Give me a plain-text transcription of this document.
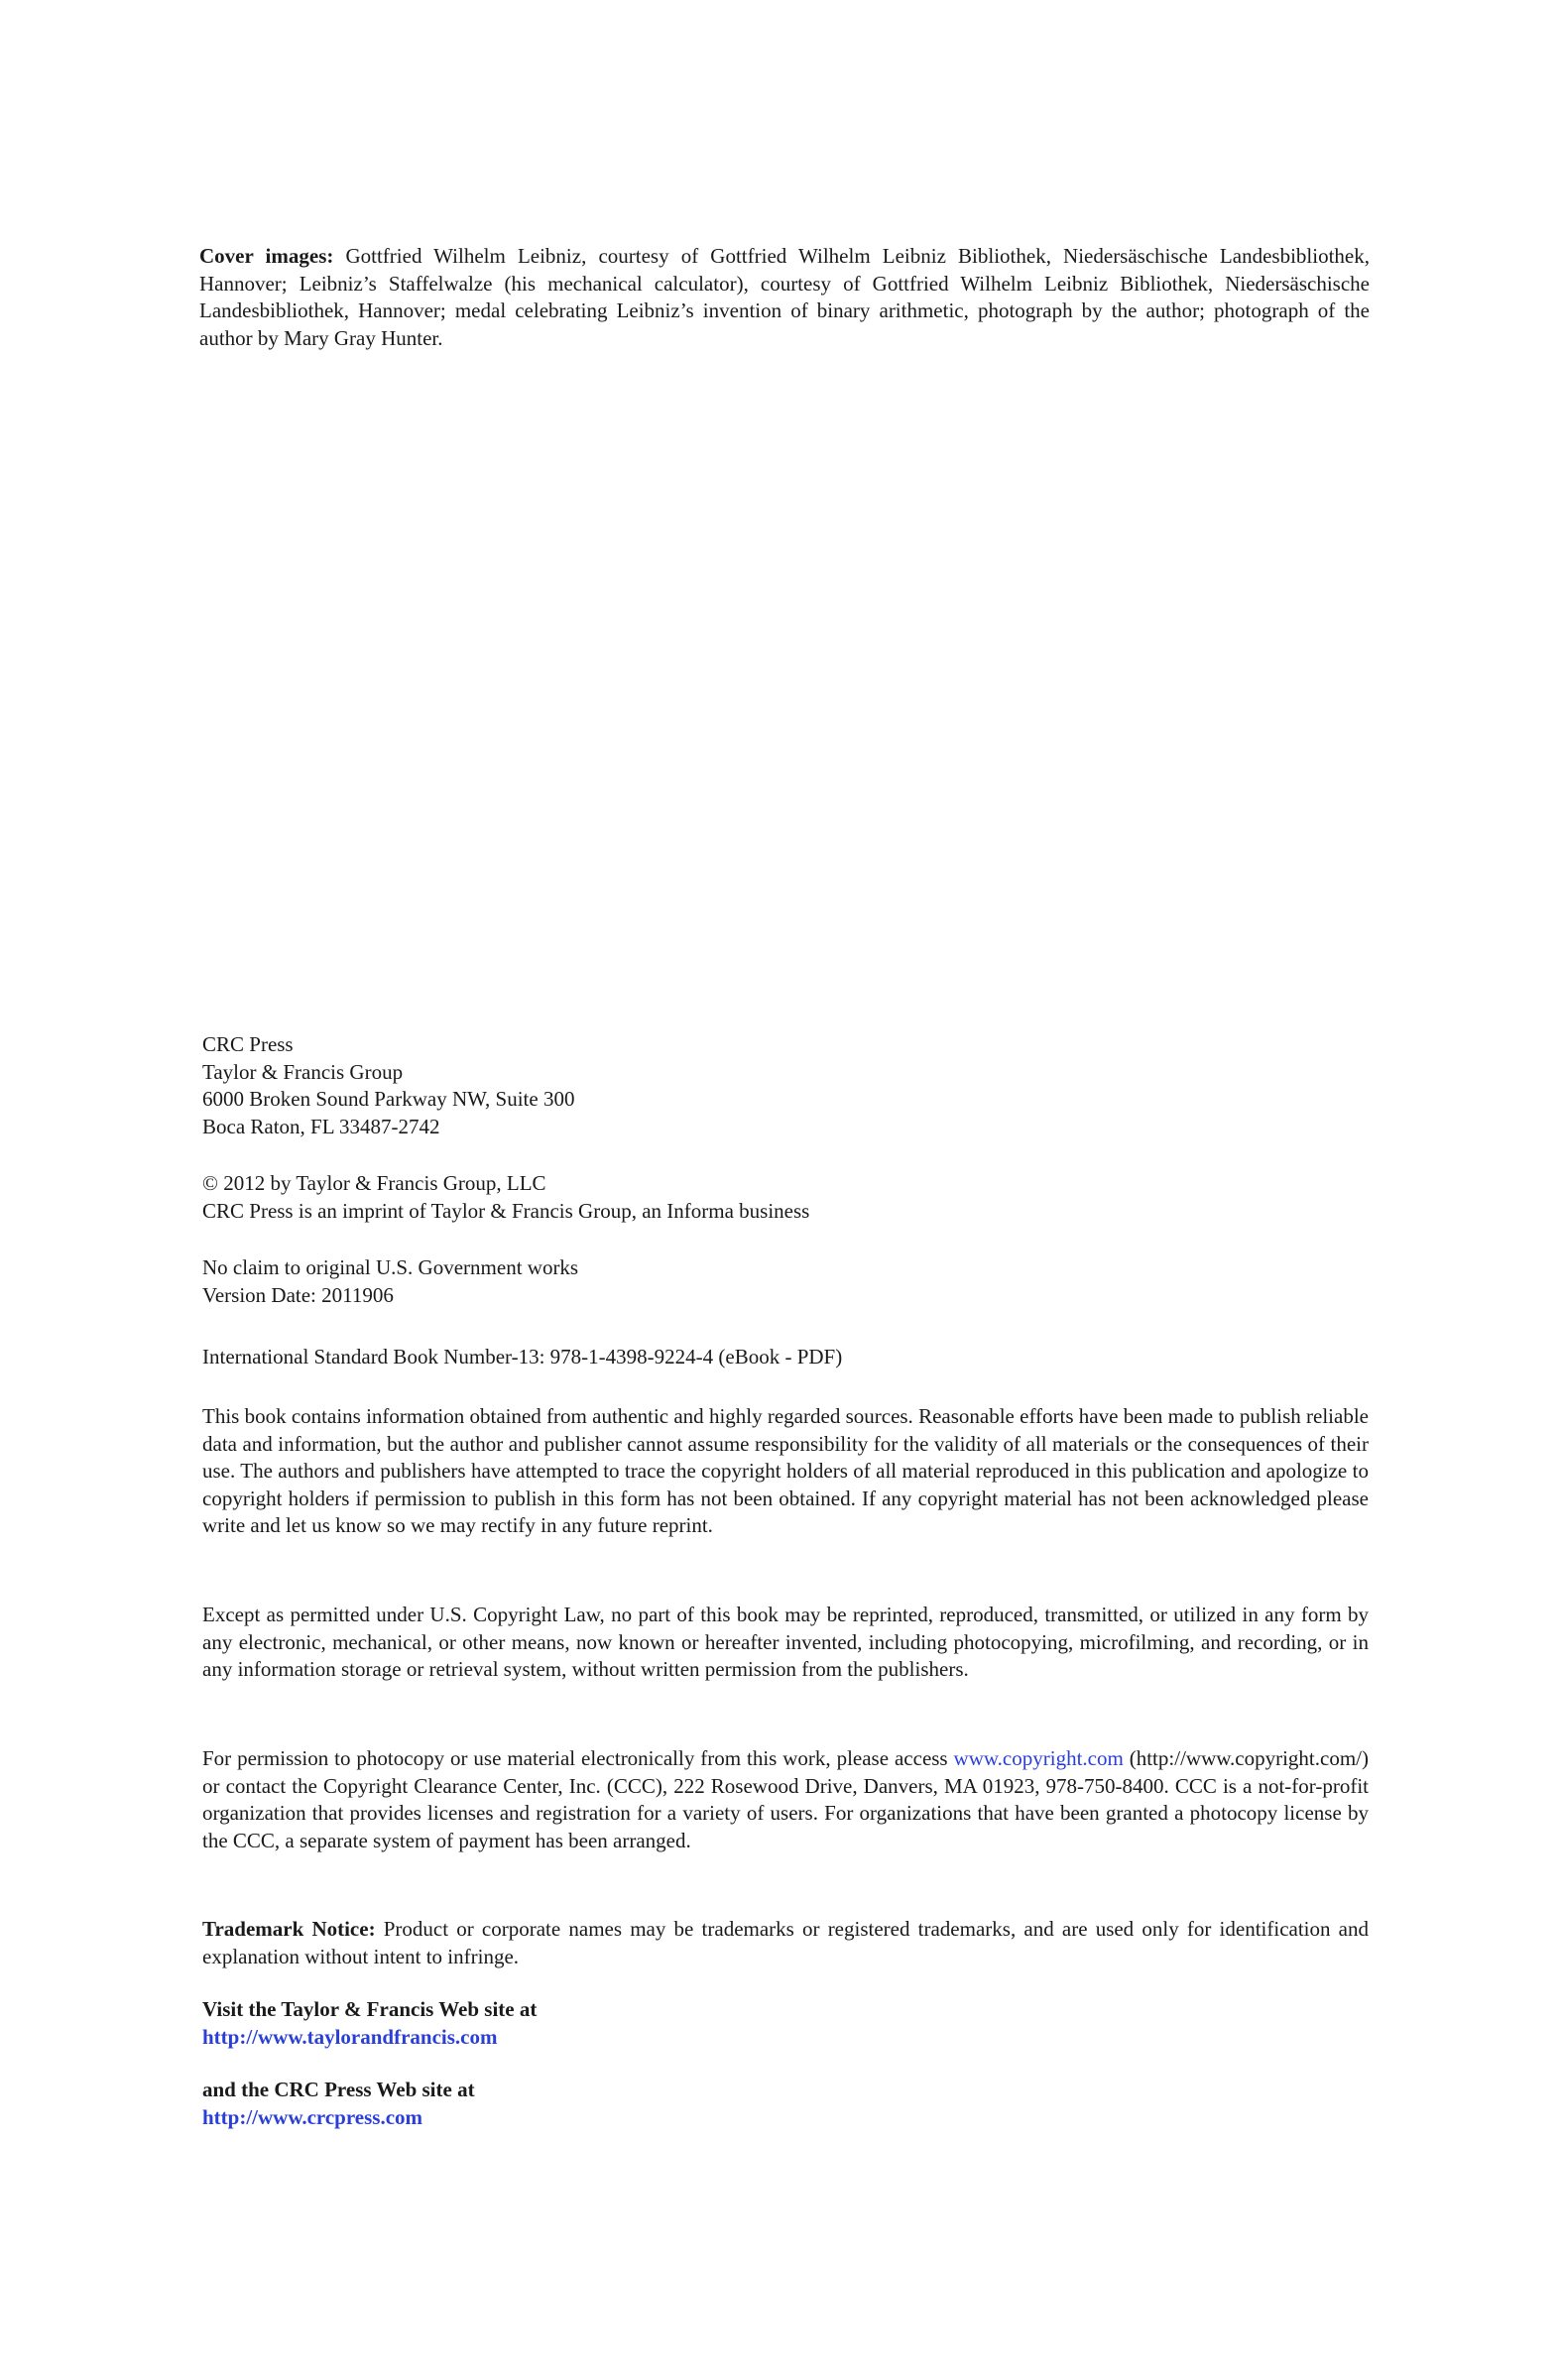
Cover images: Gottfried Wilhelm Leibniz, courtesy of Gottfried Wilhelm Leibniz Bibliothek, Niedersäschische Landesbibliothek, Hannover; Leibniz’s Staffelwalze (his mechanical calculator), courtesy of Gottfried Wilhelm Leibniz Bibliothek, Niedersäschische Landesbibliothek, Hannover; medal celebrating Leibniz’s invention of binary arithmetic, photograph by the author; photograph of the author by Mary Gray Hunter.
CRC Press
Taylor & Francis Group
6000 Broken Sound Parkway NW, Suite 300
Boca Raton, FL 33487-2742
© 2012 by Taylor & Francis Group, LLC
CRC Press is an imprint of Taylor & Francis Group, an Informa business
No claim to original U.S. Government works
Version Date: 2011906
International Standard Book Number-13: 978-1-4398-9224-4 (eBook - PDF)
This book contains information obtained from authentic and highly regarded sources. Reasonable efforts have been made to publish reliable data and information, but the author and publisher cannot assume responsibility for the validity of all materials or the consequences of their use. The authors and publishers have attempted to trace the copyright holders of all material reproduced in this publication and apologize to copyright holders if permission to publish in this form has not been obtained. If any copyright material has not been acknowledged please write and let us know so we may rectify in any future reprint.
Except as permitted under U.S. Copyright Law, no part of this book may be reprinted, reproduced, transmitted, or utilized in any form by any electronic, mechanical, or other means, now known or hereafter invented, including photocopying, microfilming, and recording, or in any information storage or retrieval system, without written permission from the publishers.
For permission to photocopy or use material electronically from this work, please access www.copyright.com (http://www.copyright.com/) or contact the Copyright Clearance Center, Inc. (CCC), 222 Rosewood Drive, Danvers, MA 01923, 978-750-8400. CCC is a not-for-profit organization that provides licenses and registration for a variety of users. For organizations that have been granted a photocopy license by the CCC, a separate system of payment has been arranged.
Trademark Notice: Product or corporate names may be trademarks or registered trademarks, and are used only for identification and explanation without intent to infringe.
Visit the Taylor & Francis Web site at
http://www.taylorandfrancis.com
and the CRC Press Web site at
http://www.crcpress.com
